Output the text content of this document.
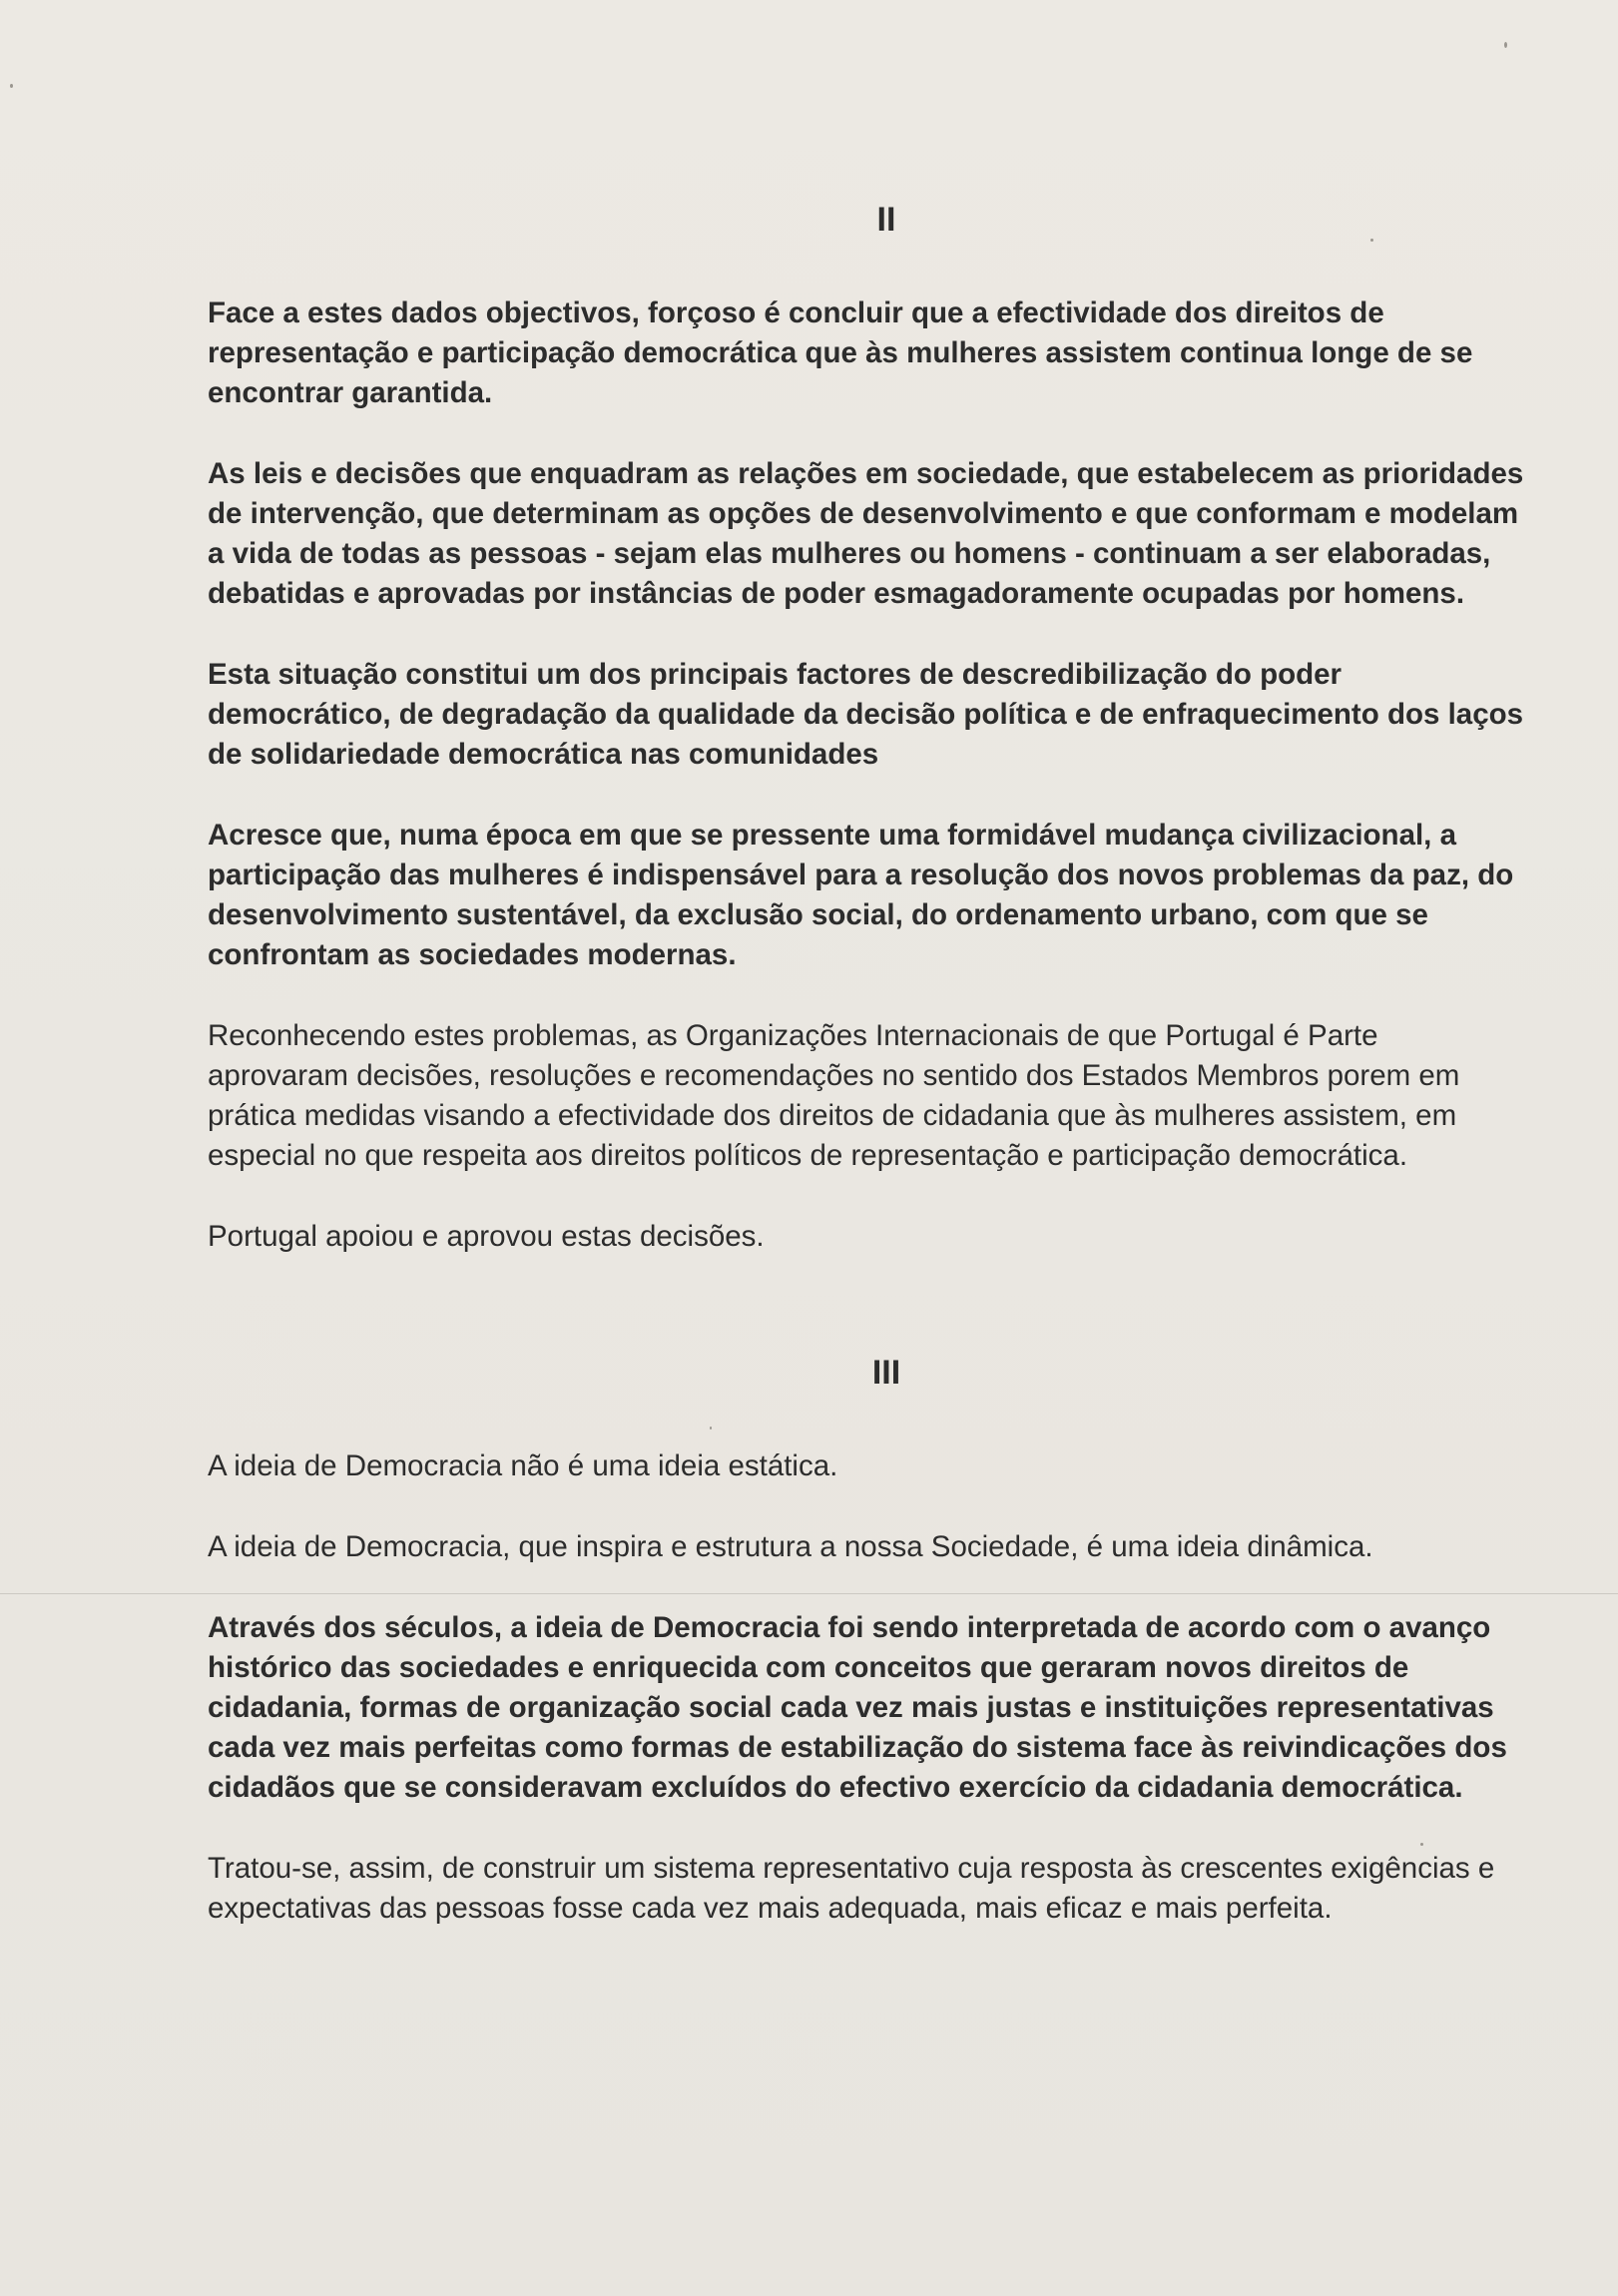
II

Face a estes dados objectivos, forçoso é concluir que a efectividade dos direitos de representação e participação democrática que às mulheres assistem continua longe de se encontrar garantida.

As leis e decisões que enquadram as relações em sociedade, que estabelecem as prioridades de intervenção, que determinam as opções de desenvolvimento e que conformam e modelam a vida de todas as pessoas - sejam elas mulheres ou homens - continuam a ser elaboradas, debatidas e aprovadas por instâncias de poder esmagadoramente ocupadas por homens.

Esta situação constitui um dos principais factores de descredibilização do poder democrático, de degradação da qualidade da decisão política e de enfraquecimento dos laços de solidariedade democrática nas comunidades

Acresce que, numa época em que se pressente uma formidável mudança civilizacional, a participação das mulheres é indispensável para a resolução dos novos problemas da paz, do desenvolvimento sustentável, da exclusão social, do ordenamento urbano, com que se confrontam as sociedades modernas.

Reconhecendo estes problemas, as Organizações Internacionais de que Portugal é Parte aprovaram decisões, resoluções e recomendações no sentido dos Estados Membros porem em prática medidas visando a efectividade dos direitos de cidadania que às mulheres assistem, em especial no que respeita aos direitos políticos de representação e participação democrática.

Portugal apoiou e aprovou estas decisões.

III

A ideia de Democracia não é uma ideia estática.

A ideia de Democracia, que inspira e estrutura a nossa Sociedade, é uma ideia dinâmica.

Através dos séculos, a ideia de Democracia foi sendo interpretada de acordo com o avanço histórico das sociedades e enriquecida com conceitos que geraram novos direitos de cidadania, formas de organização social cada vez mais justas e instituições representativas cada vez mais perfeitas como formas de estabilização do sistema face às reivindicações dos cidadãos que se consideravam excluídos do efectivo exercício da cidadania democrática.

Tratou-se, assim, de construir um sistema representativo cuja resposta às crescentes exigências e expectativas das pessoas fosse cada vez mais adequada, mais eficaz e mais perfeita.
